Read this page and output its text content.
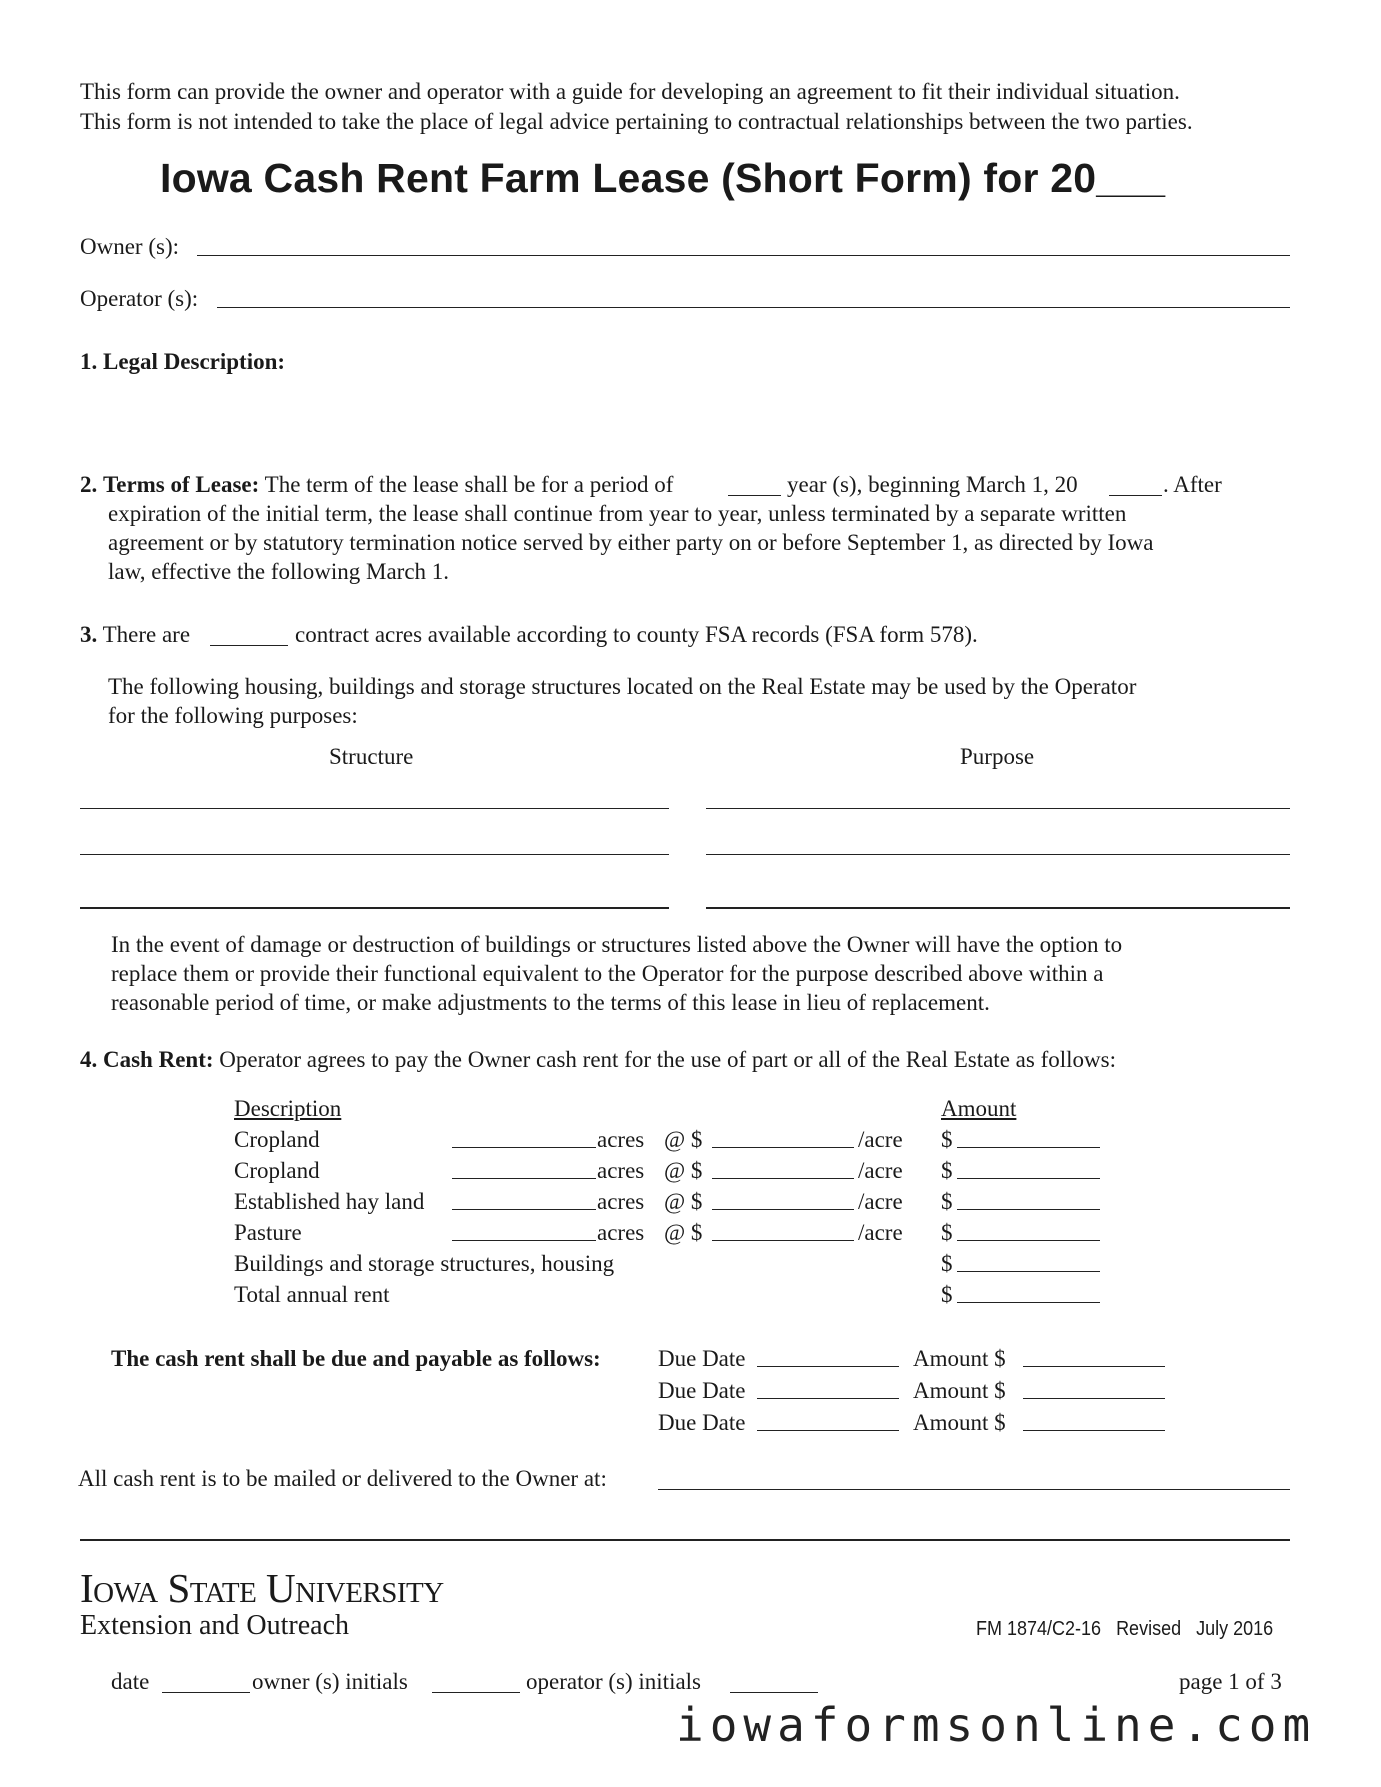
This form can provide the owner and operator with a guide for developing an agreement to fit their individual situation.
This form is not intended to take the place of legal advice pertaining to contractual relationships between the two parties.
Iowa Cash Rent Farm Lease (Short Form) for 20___
Owner (s):
Operator (s):
1. Legal Description:
2. Terms of Lease: The term of the lease shall be for a period of	year (s), beginning March 1, 20	. After
expiration of the initial term, the lease shall continue from year to year, unless terminated by a separate written
agreement or by statutory termination notice served by either party on or before September 1, as directed by Iowa
law, effective the following March 1.
3. There are	contract acres available according to county FSA records (FSA form 578).
The following housing, buildings and storage structures located on the Real Estate may be used by the Operator
for the following purposes:
Structure	Purpose
In the event of damage or destruction of buildings or structures listed above the Owner will have the option to
replace them or provide their functional equivalent to the Operator for the purpose described above within a
reasonable period of time, or make adjustments to the terms of this lease in lieu of replacement.
4. Cash Rent: Operator agrees to pay the Owner cash rent for the use of part or all of the Real Estate as follows:
Description	Amount
Cropland	acres @ $	/acre $
Cropland	acres @ $	/acre $
Established hay land	acres @ $	/acre $
Pasture	acres @ $	/acre $
Buildings and storage structures, housing	$
Total annual rent	$
The cash rent shall be due and payable as follows: Due Date	Amount $
Due Date	Amount $
Due Date	Amount $
All cash rent is to be mailed or delivered to the Owner at:
Iowa State University
Extension and Outreach	FM 1874/C2-16   Revised   July 2016
date	owner (s) initials	operator (s) initials	page 1 of 3
iowaformsonline.com
